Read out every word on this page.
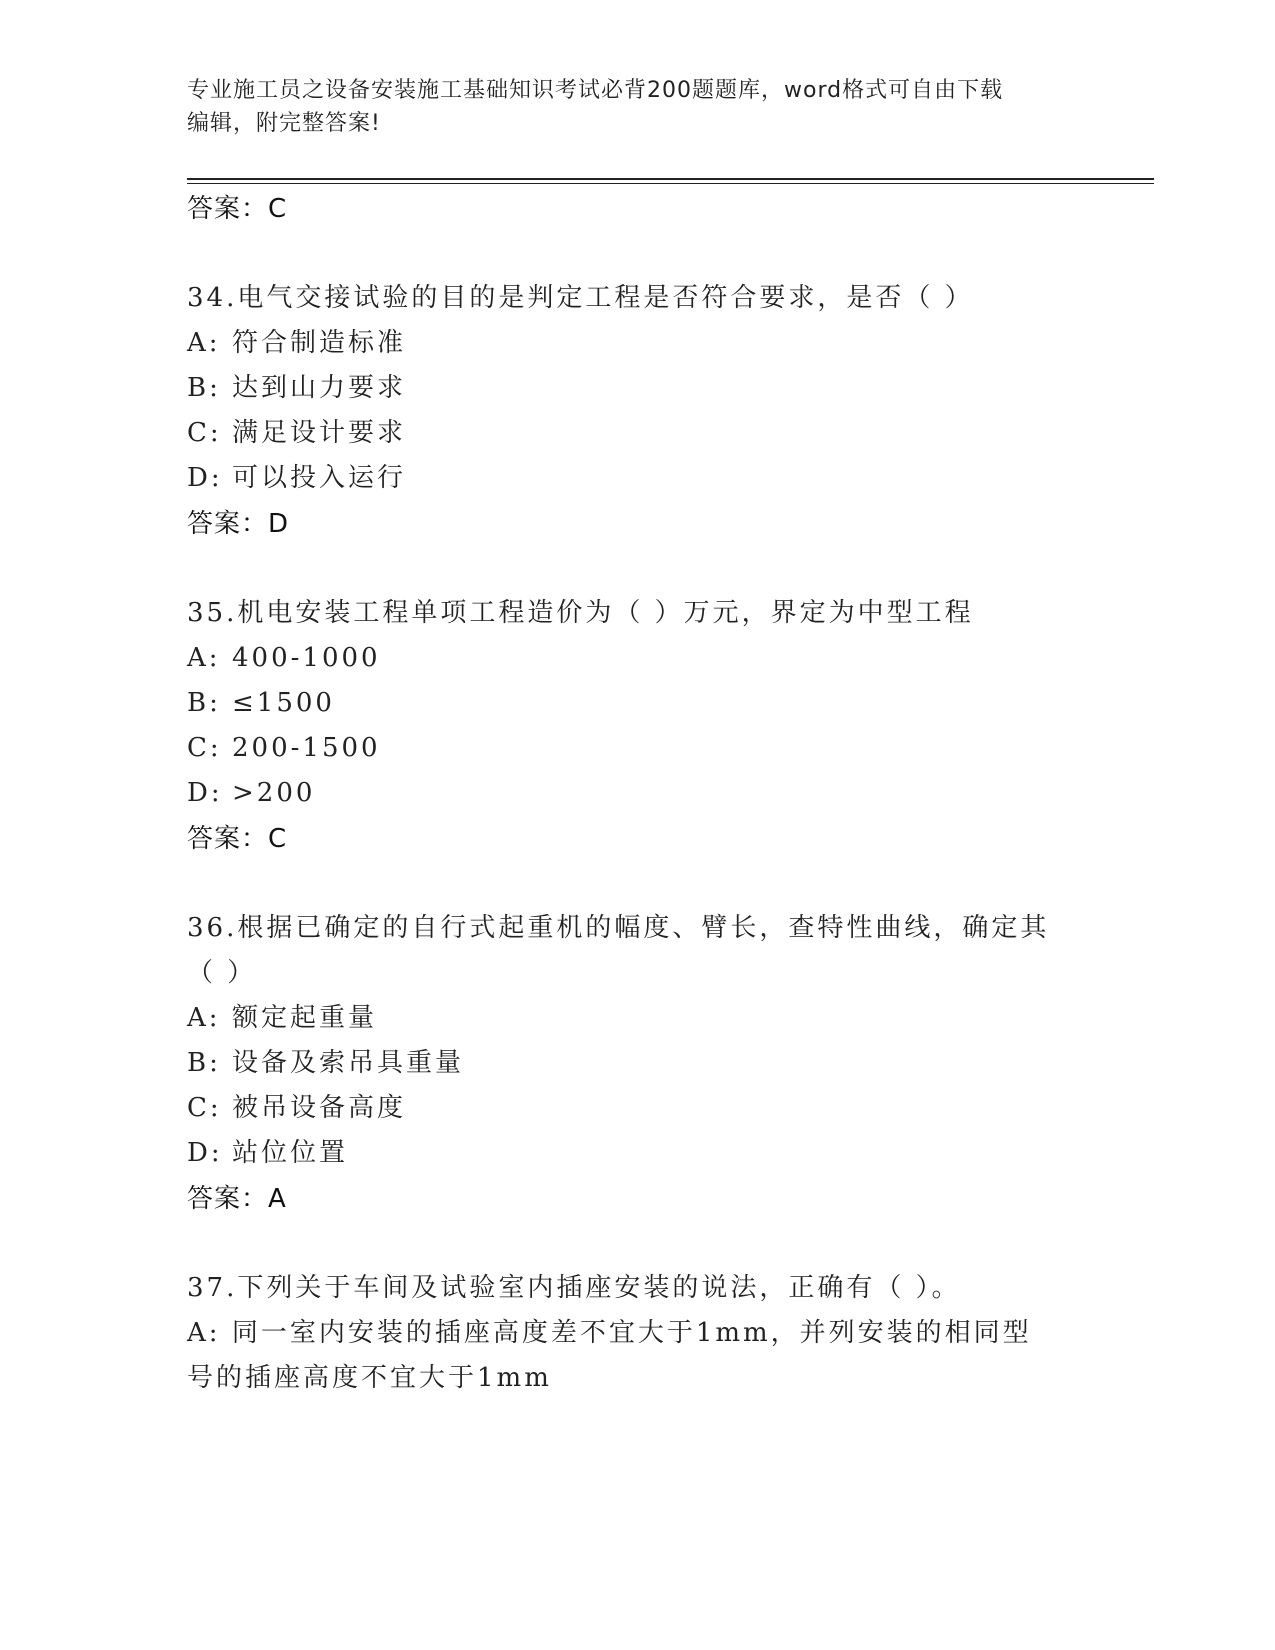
专业施工员之设备安装施工基础知识考试必背200题题库，word格式可自由下载
编辑，附完整答案!
答案：C
34.电气交接试验的目的是判定工程是否符合要求，是否（ ）
A: 符合制造标准
B: 达到山力要求
C: 满足设计要求
D: 可以投入运行
答案：D
35.机电安装工程单项工程造价为（ ）万元，界定为中型工程
A: 400-1000
B: ≤1500
C: 200-1500
D: >200
答案：C
36.根据已确定的自行式起重机的幅度、臂长，查特性曲线，确定其（ ）
A: 额定起重量
B: 设备及索吊具重量
C: 被吊设备高度
D: 站位位置
答案：A
37.下列关于车间及试验室内插座安装的说法，正确有（ ）。
A: 同一室内安装的插座高度差不宜大于1mm，并列安装的相同型号的插座高度不宜大于1mm
